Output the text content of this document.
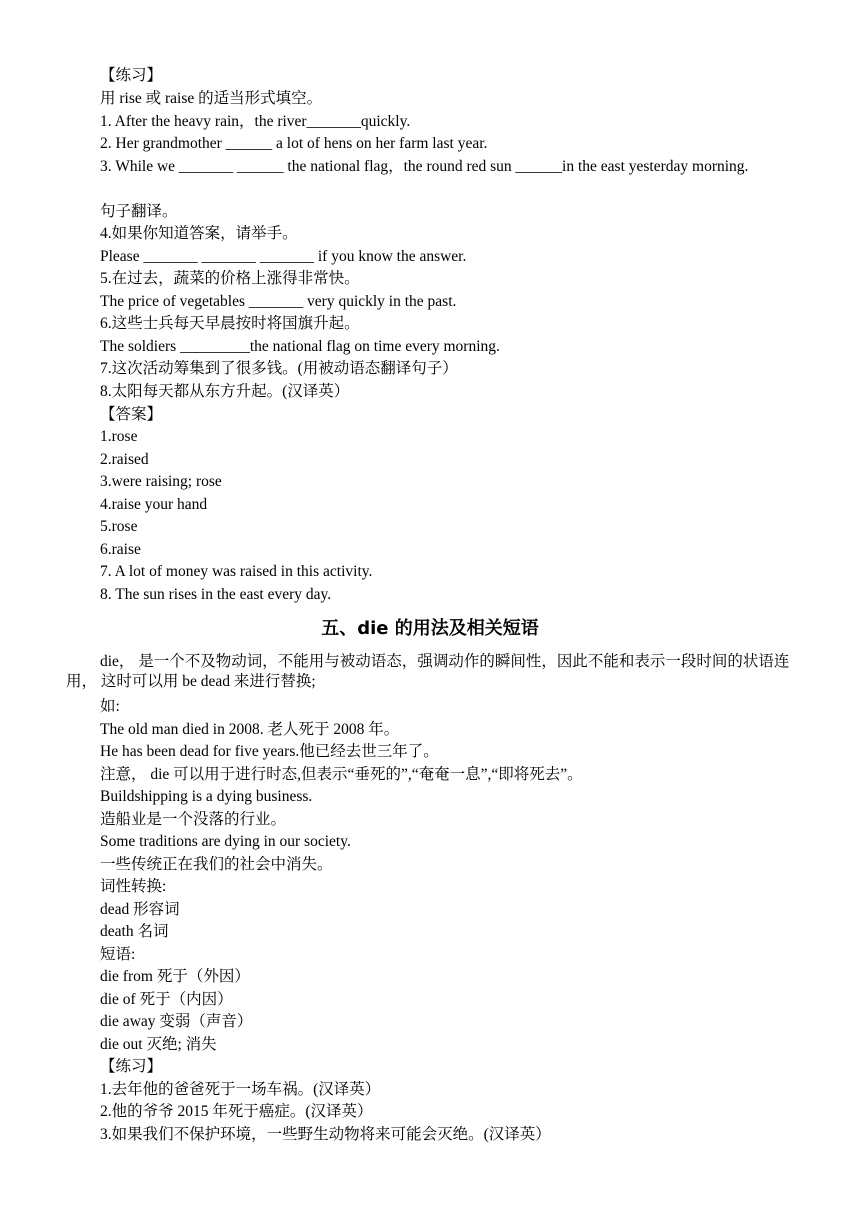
【练习】
用 rise 或 raise 的适当形式填空。
1. After the heavy rain，the river_______quickly.
2. Her grandmother ______ a lot of hens on her farm last year.
3. While we _______ ______ the national flag，the round red sun ______in the east yesterday morning.
句子翻译。
4.如果你知道答案，请举手。
Please _______ _______ _______ if you know the answer.
5.在过去，蔬菜的价格上涨得非常快。
The price of vegetables _______ very quickly in the past.
6.这些士兵每天早晨按时将国旗升起。
The soldiers _________the national flag on time every morning.
7.这次活动筹集到了很多钱。(用被动语态翻译句子）
8.太阳每天都从东方升起。(汉译英）
【答案】
1.rose
2.raised
3.were raising; rose
4.raise your hand
5.rose
6.raise
7. A lot of money was raised in this activity.
8. The sun rises in the east every day.
五、die 的用法及相关短语
die， 是一个不及物动词，不能用与被动语态，强调动作的瞬间性，因此不能和表示一段时间的状语连用， 这时可以用 be dead 来进行替换;
如:
The old man died in 2008. 老人死于 2008 年。
He has been dead for five years.他已经去世三年了。
注意， die 可以用于进行时态,但表示“垂死的”,“奄奄一息”,“即将死去”。
Buildshipping is a dying business.
造船业是一个没落的行业。
Some traditions are dying in our society.
一些传统正在我们的社会中消失。
词性转换:
dead 形容词
death 名词
短语:
die from 死于（外因）
die of 死于（内因）
die away 变弱（声音）
die out 灭绝; 消失
【练习】
1.去年他的爸爸死于一场车祸。(汉译英）
2.他的爷爷 2015 年死于癌症。(汉译英）
3.如果我们不保护环境，一些野生动物将来可能会灭绝。(汉译英）
